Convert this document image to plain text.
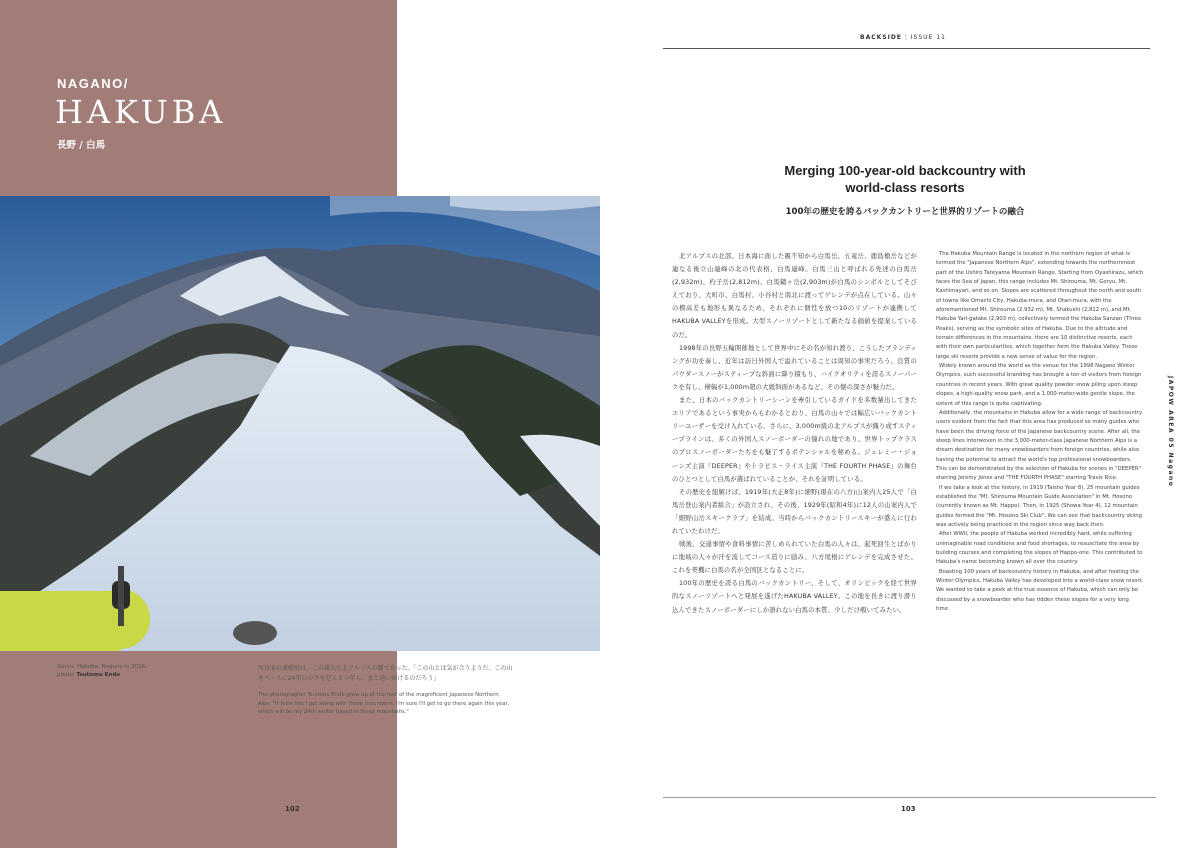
NAGANO/
HAKUBA
長野 / 白馬
Goryu, Hakuba, Nagano in 2016.
photo: Tsutomu Endo
写真家の遠藤励は、この雄大な北アルプスの麓で育った。「この山とは気が合うようだ。この山をベースに24年目の冬を迎える今年も、また通い続けるのだろう」
The photographer Tsutomu Endo grew up at the foot of the magnificent Japanese Northern Alps. "It feels like I get along with these mountains. I'm sure I'll get to go there again this year, which will be my 24th winter based in these mountains."
102
BACKSIDE | ISSUE 11
Merging 100-year-old backcountry with
world-class resorts
100年の歴史を誇るバックカントリーと世界的リゾートの融合

北アルプスの北部、日本海に面した親不知から白馬岳、五竜岳、鹿島槍岳などが連なる後立山連峰の北の代表格、白馬連峰。白馬三山と呼ばれる先述の白馬岳(2,932m)、杓子岳(2,812m)、白馬鑓ヶ岳(2,903m)が白馬のシンボルとしてそびえており、大町市、白馬村、小谷村と南北に渡ってゲレンデが点在している。山々の標高差も地形も異なるため、それぞれに個性を放つ10のリゾートが連携してHAKUBA VALLEYを形成。大型スノーリゾートとして新たなる価値を提案しているのだ。

1998年の長野五輪開催地として世界中にその名が知れ渡り、こうしたブランディングが功を奏し、近年は訪日外国人で溢れていることは周知の事実だろう。良質のパウダースノーがスティープな斜面に降り積もり、ハイクオリティを誇るスノーパークを有し、横幅が1,000m超の大緩斜面があるなど、その懐の深さが魅力だ。

また、日本のバックカントリーシーンを牽引しているガイドを多数輩出してきたエリアであるという事実からもわかるとおり、白馬の山々では幅広いバックカントリーユーザーを受け入れている。さらに、3,000m級の北アルプスが織り成すスティープラインは、多くの外国人スノーボーダーの憧れの地であり、世界トップクラスのプロスノーボーダーたちをも魅了するポテンシャルを秘める。ジェレミー・ジョーンズ主演『DEEPER』やトラビス・ライス主演『THE FOURTH PHASE』の舞台のひとつとして白馬が選ばれていることが、それを証明している。

その歴史を紐解けば、1919年(大正8年)に細野(現在の八方)山案内人25人で「白馬岳登山案内者組合」が設立され、その後、1929年(昭和4年)に12人の山案内人で「細野山岳スキークラブ」を結成。当時からバックカントリースキーが盛んに行われていたわけだ。

戦後、交通事情や食料事情に苦しめられていた白馬の人々は、起死回生とばかりに地域の人々が汗を流してコース造りに励み、八方尾根にゲレンデを完成させた。これを契機に白馬の名が全国区となることに。

100年の歴史を誇る白馬のバックカントリー、そして、オリンピックを経て世界的なスノーリゾートへと発展を遂げたHAKUBA VALLEY。この地を長きに渡り滑り込んできたスノーボーダーにしか語れない白馬の本質、少しだけ覗いてみたい。

The Hakuba Mountain Range is located in the northern region of what is termed the "Japanese Northern Alps", extending towards the northernmost part of the Ushiro Tateyama Mountain Range. Starting from Oyashirazu, which faces the Sea of Japan, this range includes Mt. Shirouma, Mt. Goryu, Mt. Kashimayari, and so on. Slopes are scattered throughout the north and south of towns like Omachi City, Hakuba-mura, and Otari-mura, with the aforementioned Mt. Shirouma (2,932 m), Mt. Shakushi (2,812 m), and Mt. Hakuba Yari-gatake (2,903 m), collectively termed the Hakuba Sanzan (Three Peaks), serving as the symbolic sites of Hakuba. Due to the altitude and terrain differences in the mountains, there are 10 distinctive resorts, each with their own particularities, which together form the Hakuba Valley. These large ski resorts provide a new sense of value for the region.

Widely known around the world as the venue for the 1998 Nagano Winter Olympics, such successful branding has brought a ton of visitors from foreign countries in recent years. With great quality powder snow piling upon steep slopes, a high-quality snow park, and a 1,000-meter-wide gentle slope, the extent of this range is quite captivating.

Additionally, the mountains in Hakuba allow for a wide range of backcountry users evident from the fact that this area has produced so many guides who have been the driving force of the Japanese backcountry scene. After all, the steep lines interwoven in the 3,000-meter-class Japanese Northern Alps is a dream destination for many snowboarders from foreign countries, while also having the potential to attract the world's top professional snowboarders. This can be demonstrated by the selection of Hakuba for scenes in "DEEPER" starring Jeremy Jones and "THE FOURTH PHASE" starring Travis Rice.

If we take a look at the history, in 1919 (Taisho Year 8), 25 mountain guides established the "Mt. Shirouma Mountain Guide Association" in Mt. Hosono (currently known as Mt. Happo). Then, in 1925 (Showa Year 4), 12 mountain guides formed the "Mt. Hosono Ski Club". We can see that backcountry skiing was actively being practiced in the region since way back then.

After WWII, the people of Hakuba worked incredibly hard, while suffering unimaginable road conditions and food shortages, to resuscitate the area by building courses and completing the slopes of Happo-one. This contributed to Hakuba's name becoming known all over the country.

Boasting 100 years of backcountry history in Hakuba, and after hosting the Winter Olympics, Hakuba Valley has developed into a world-class snow resort. We wanted to take a peek at the true essence of Hakuba, which can only be discussed by a snowboarder who has ridden these slopes for a very long time.

JAPOW AREA 05 Nagano
103
